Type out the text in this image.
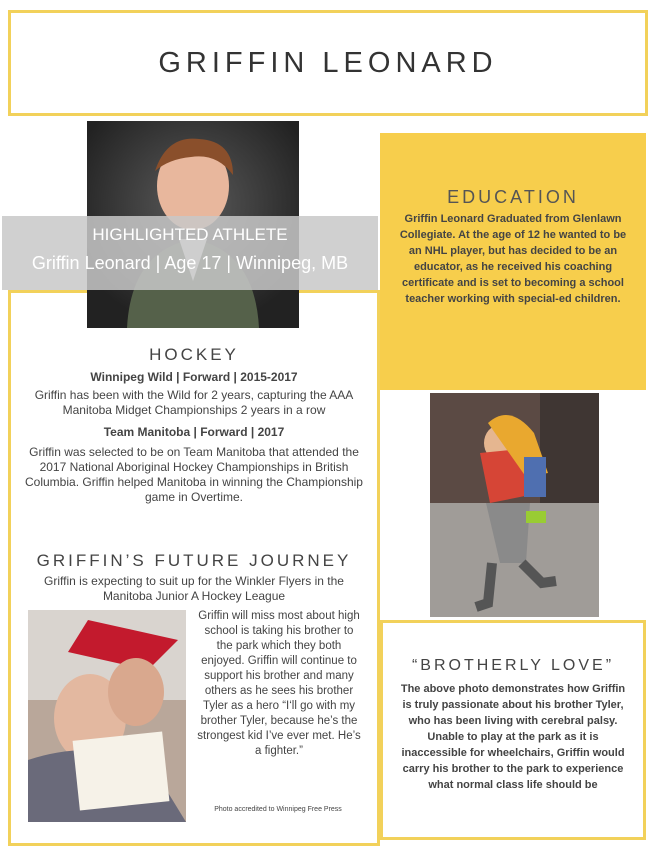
GRIFFIN LEONARD
HIGHLIGHTED ATHLETE
Griffin Leonard | Age 17 | Winnipeg, MB
EDUCATION
Griffin Leonard Graduated from Glenlawn Collegiate. At the age of 12 he wanted to be an NHL player, but has decided to be an educator, as he received his coaching certificate and is set to becoming a school teacher working with special-ed children.
HOCKEY
Winnipeg Wild | Forward | 2015-2017
Griffin has been with the Wild for 2 years, capturing the AAA Manitoba Midget Championships 2 years in a row
Team Manitoba | Forward | 2017
Griffin was selected to be on Team Manitoba that attended the 2017 National Aboriginal Hockey Championships in British Columbia. Griffin helped Manitoba in winning the Championship game in Overtime.
GRIFFIN’S FUTURE JOURNEY
Griffin is expecting to suit up for the Winkler Flyers in the Manitoba Junior A Hockey League
Griffin will miss most about high school is taking his brother to the park which they both enjoyed. Griffin will continue to support his brother and many others as he sees his brother Tyler as a hero “I‘ll go with my brother Tyler, because he’s the strongest kid I’ve ever met. He’s a fighter.”
Photo accredited to Winnipeg Free Press
“BROTHERLY LOVE”
The above photo demonstrates how Griffin is truly passionate about his brother Tyler, who has been living with cerebral palsy. Unable to play at the park as it is inaccessible for wheelchairs, Griffin would carry his brother to the park to experience what normal class life should be
